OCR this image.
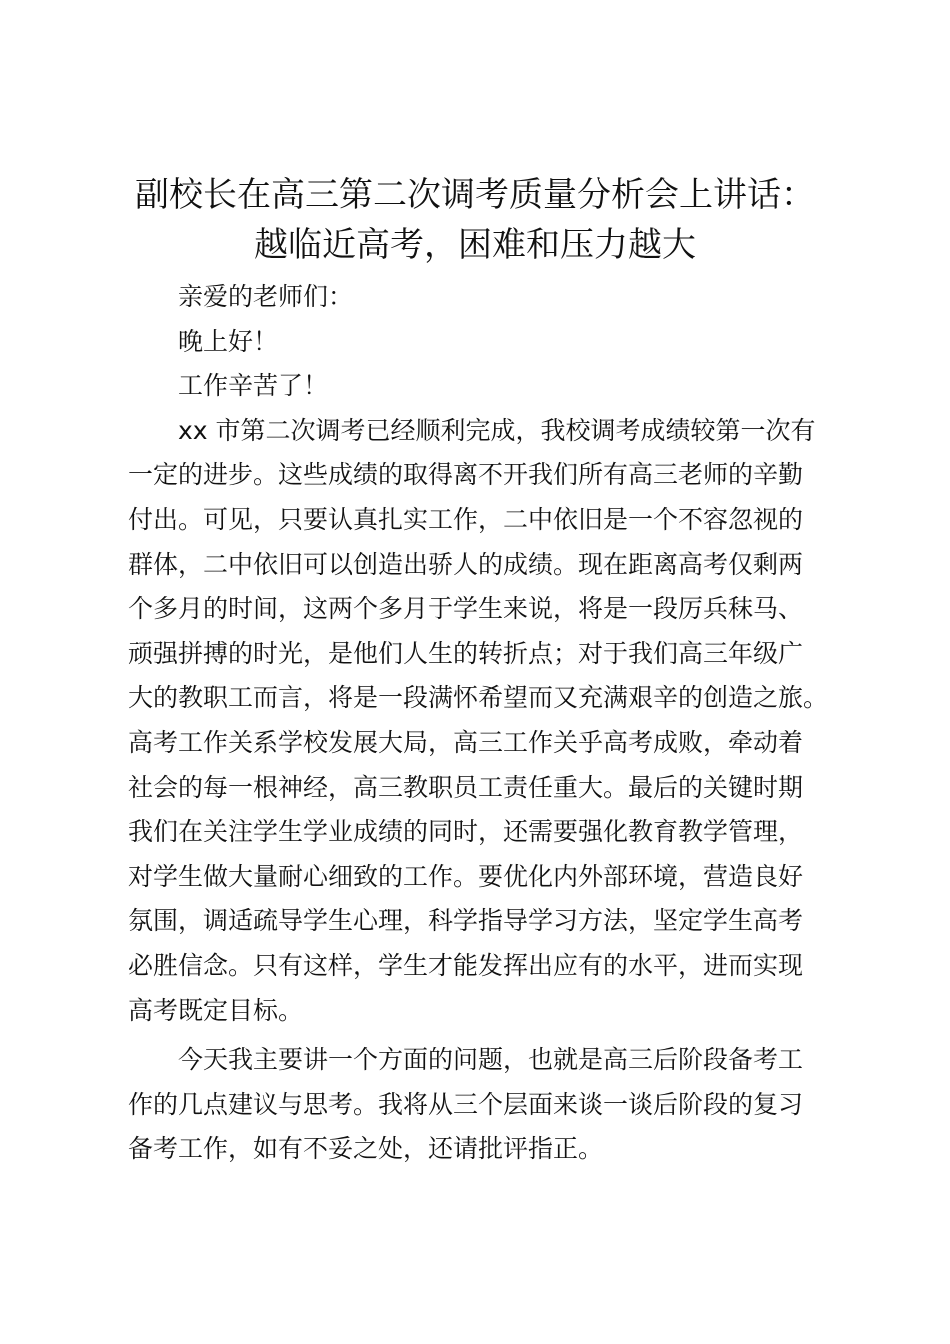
副校长在高三第二次调考质量分析会上讲话：
越临近高考，困难和压力越大
亲爱的老师们：
晚上好！
工作辛苦了！
xx 市第二次调考已经顺利完成，我校调考成绩较第一次有
一定的进步。这些成绩的取得离不开我们所有高三老师的辛勤
付出。可见，只要认真扎实工作，二中依旧是一个不容忽视的
群体，二中依旧可以创造出骄人的成绩。现在距离高考仅剩两
个多月的时间，这两个多月于学生来说，将是一段厉兵秣马、
顽强拼搏的时光，是他们人生的转折点；对于我们高三年级广
大的教职工而言，将是一段满怀希望而又充满艰辛的创造之旅。
高考工作关系学校发展大局，高三工作关乎高考成败，牵动着
社会的每一根神经，高三教职员工责任重大。最后的关键时期
我们在关注学生学业成绩的同时，还需要强化教育教学管理，
对学生做大量耐心细致的工作。要优化内外部环境，营造良好
氛围，调适疏导学生心理，科学指导学习方法，坚定学生高考
必胜信念。只有这样，学生才能发挥出应有的水平，进而实现
高考既定目标。
今天我主要讲一个方面的问题，也就是高三后阶段备考工
作的几点建议与思考。我将从三个层面来谈一谈后阶段的复习
备考工作，如有不妥之处，还请批评指正。
